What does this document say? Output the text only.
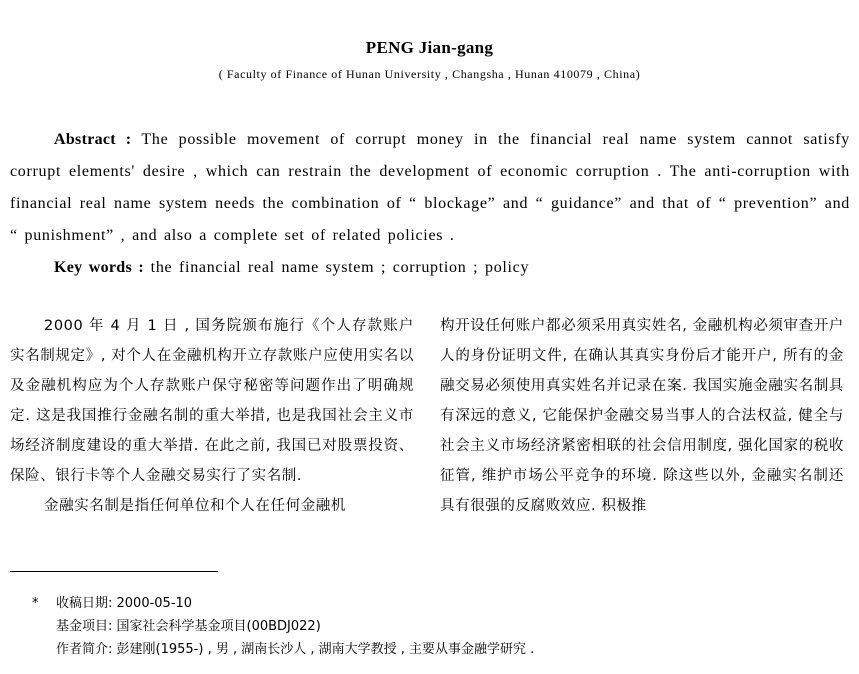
PENG Jian-gang
( Faculty of Finance of Hunan University , Changsha , Hunan 410079 , China)

Abstract : The possible movement of corrupt money in the financial real name system cannot satisfy corrupt elements' desire , which can restrain the development of economic corruption . The anti-corruption with financial real name system needs the combination of “ blockage” and “ guidance” and that of “ prevention” and “ punishment” , and also a complete set of related policies .

Key words : the financial real name system ; corruption ; policy

2000 年 4 月 1 日 , 国务院颁布施行《个人存款账户实名制规定》, 对个人在金融机构开立存款账户应使用实名以及金融机构应为个人存款账户保守秘密等问题作出了明确规定. 这是我国推行金融名制的重大举措, 也是我国社会主义市场经济制度建设的重大举措. 在此之前, 我国已对股票投资、保险、银行卡等个人金融交易实行了实名制.

金融实名制是指任何单位和个人在任何金融机

构开设任何账户都必须采用真实姓名, 金融机构必须审查开户人的身份证明文件, 在确认其真实身份后才能开户, 所有的金融交易必须使用真实姓名并记录在案. 我国实施金融实名制具有深远的意义, 它能保护金融交易当事人的合法权益, 健全与社会主义市场经济紧密相联的社会信用制度, 强化国家的税收征管, 维护市场公平竞争的环境. 除这些以外, 金融实名制还具有很强的反腐败效应. 积极推

* 收稿日期: 2000-05-10
基金项目: 国家社会科学基金项目(00BDJ022)
作者简介: 彭建刚(1955-) , 男 , 湖南长沙人 , 湖南大学教授 , 主要从事金融学研究 .
